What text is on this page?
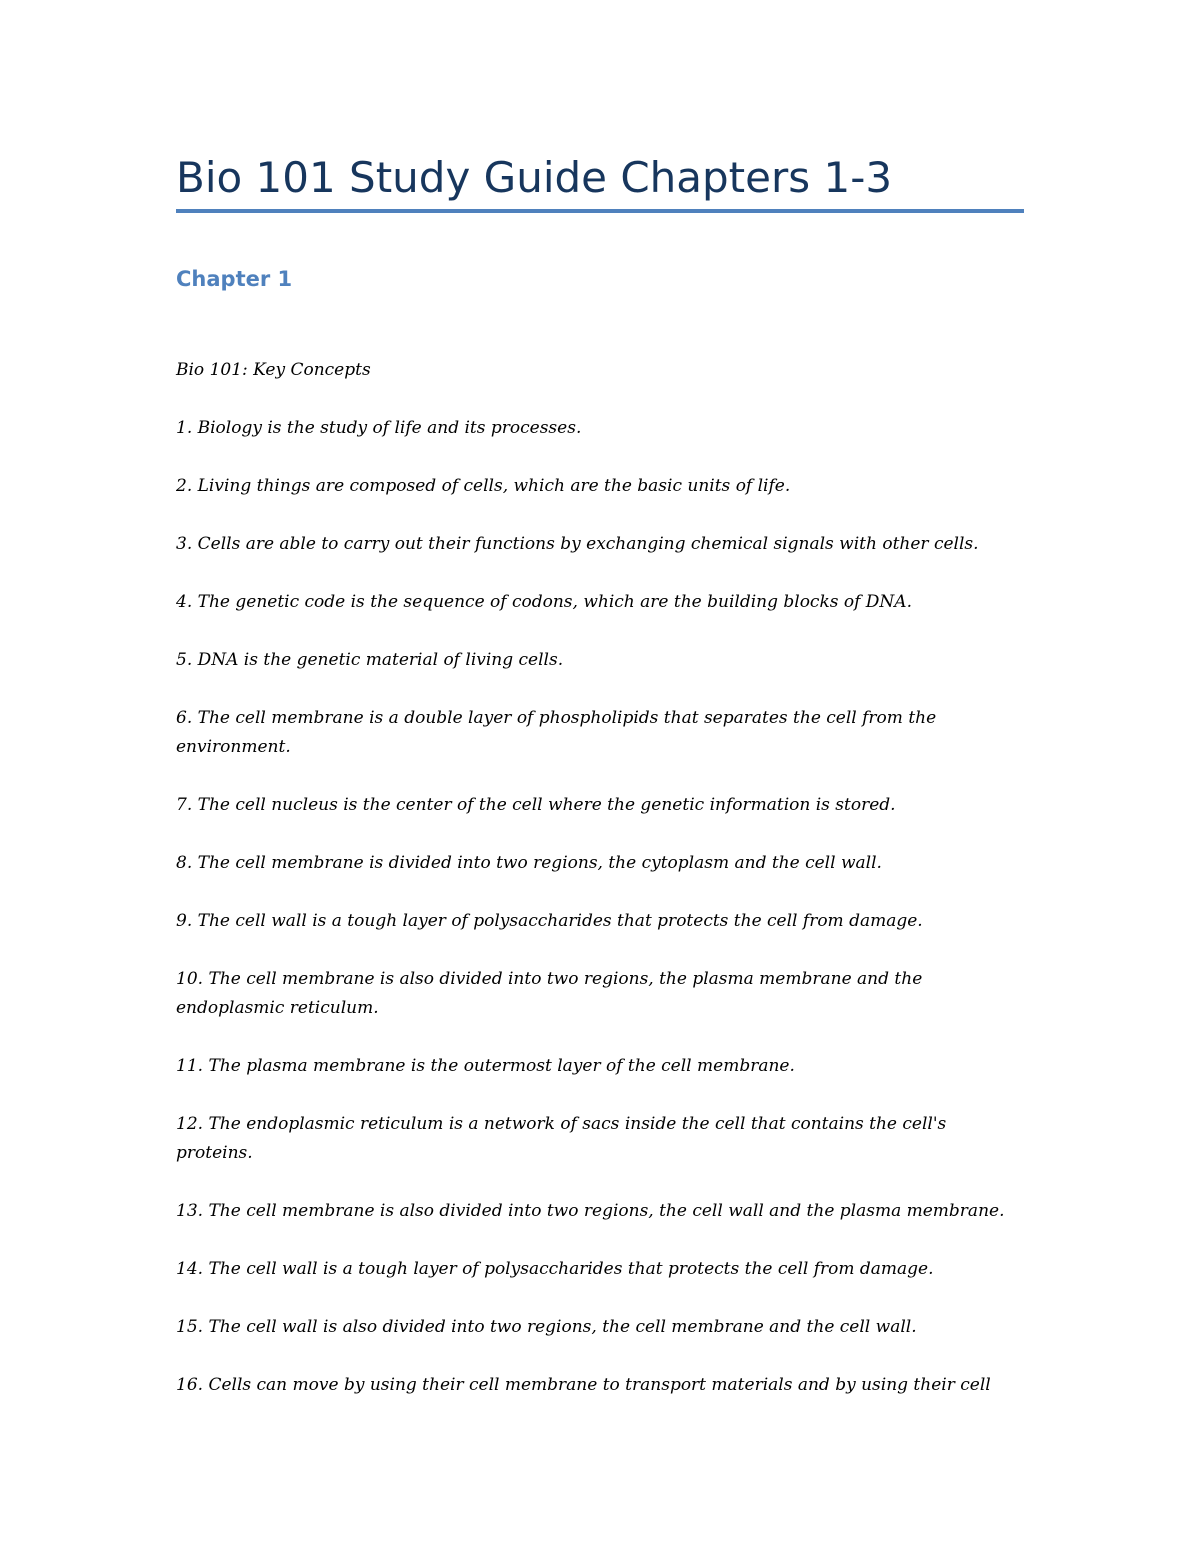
Bio 101 Study Guide Chapters 1-3
Chapter 1

Bio 101: Key Concepts

1. Biology is the study of life and its processes.

2. Living things are composed of cells, which are the basic units of life.

3. Cells are able to carry out their functions by exchanging chemical signals with other cells.

4. The genetic code is the sequence of codons, which are the building blocks of DNA.

5. DNA is the genetic material of living cells.

6. The cell membrane is a double layer of phospholipids that separates the cell from the environment.

7. The cell nucleus is the center of the cell where the genetic information is stored.

8. The cell membrane is divided into two regions, the cytoplasm and the cell wall.

9. The cell wall is a tough layer of polysaccharides that protects the cell from damage.

10. The cell membrane is also divided into two regions, the plasma membrane and the endoplasmic reticulum.

11. The plasma membrane is the outermost layer of the cell membrane.

12. The endoplasmic reticulum is a network of sacs inside the cell that contains the cell's proteins.

13. The cell membrane is also divided into two regions, the cell wall and the plasma membrane.

14. The cell wall is a tough layer of polysaccharides that protects the cell from damage.

15. The cell wall is also divided into two regions, the cell membrane and the cell wall.

16. Cells can move by using their cell membrane to transport materials and by using their cell
